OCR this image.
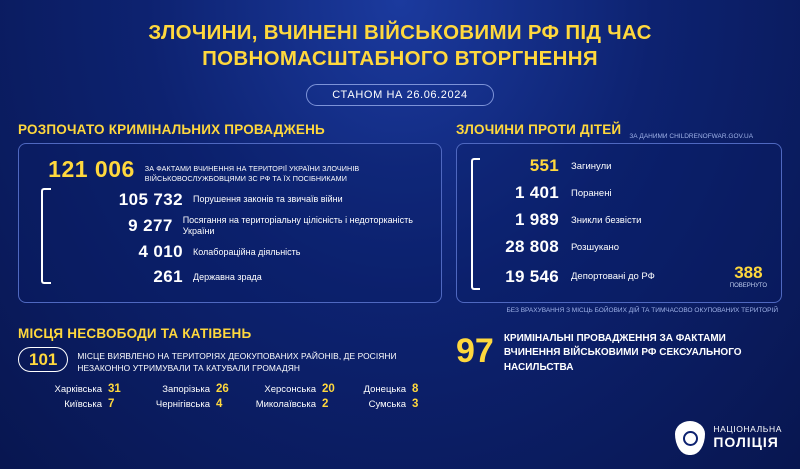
ЗЛОЧИНИ, ВЧИНЕНІ ВІЙСЬКОВИМИ РФ ПІД ЧАС
ПОВНОМАСШТАБНОГО ВТОРГНЕННЯ
СТАНОМ НА 26.06.2024
РОЗПОЧАТО КРИМІНАЛЬНИХ ПРОВАДЖЕНЬ
121 006 ЗА ФАКТАМИ ВЧИНЕННЯ НА ТЕРИТОРІЇ УКРАЇНИ ЗЛОЧИНІВ ВІЙСЬКОВОСЛУЖБОВЦЯМИ ЗС РФ ТА ЇХ ПОСІБНИКАМИ
105 732 Порушення законів та звичаїв війни
9 277 Посягання на територіальну цілісність і недоторканість України
4 010 Колабораційна діяльність
261 Державна зрада
ЗЛОЧИНИ ПРОТИ ДІТЕЙ ЗА ДАНИМИ CHILDRENOFWAR.GOV.UA
551 Загинули
1 401 Поранені
1 989 Зникли безвісти
28 808 Розшукано
19 546 Депортовані до РФ	388
ПОВЕРНУТО
БЕЗ ВРАХУВАННЯ З МІСЦЬ БОЙОВИХ ДІЙ ТА ТИМЧАСОВО ОКУПОВАНИХ ТЕРИТОРІЙ
МІСЦЯ НЕСВОБОДИ ТА КАТІВЕНЬ
101	МІСЦЕ ВИЯВЛЕНО НА ТЕРИТОРІЯХ ДЕОКУПОВАНИХ РАЙОНІВ, ДЕ РОСІЯНИ НЕЗАКОННО УТРИМУВАЛИ ТА КАТУВАЛИ ГРОМАДЯН
Харківська 31	Запорізька 26	Херсонська 20	Донецька 8
Київська 7	Чернігівська 4	Миколаївська 2	Сумська 3
97 КРИМІНАЛЬНІ ПРОВАДЖЕННЯ ЗА ФАКТАМИ ВЧИНЕННЯ ВІЙСЬКОВИМИ РФ СЕКСУАЛЬНОГО НАСИЛЬСТВА
НАЦІОНАЛЬНА
ПОЛІЦІЯ
